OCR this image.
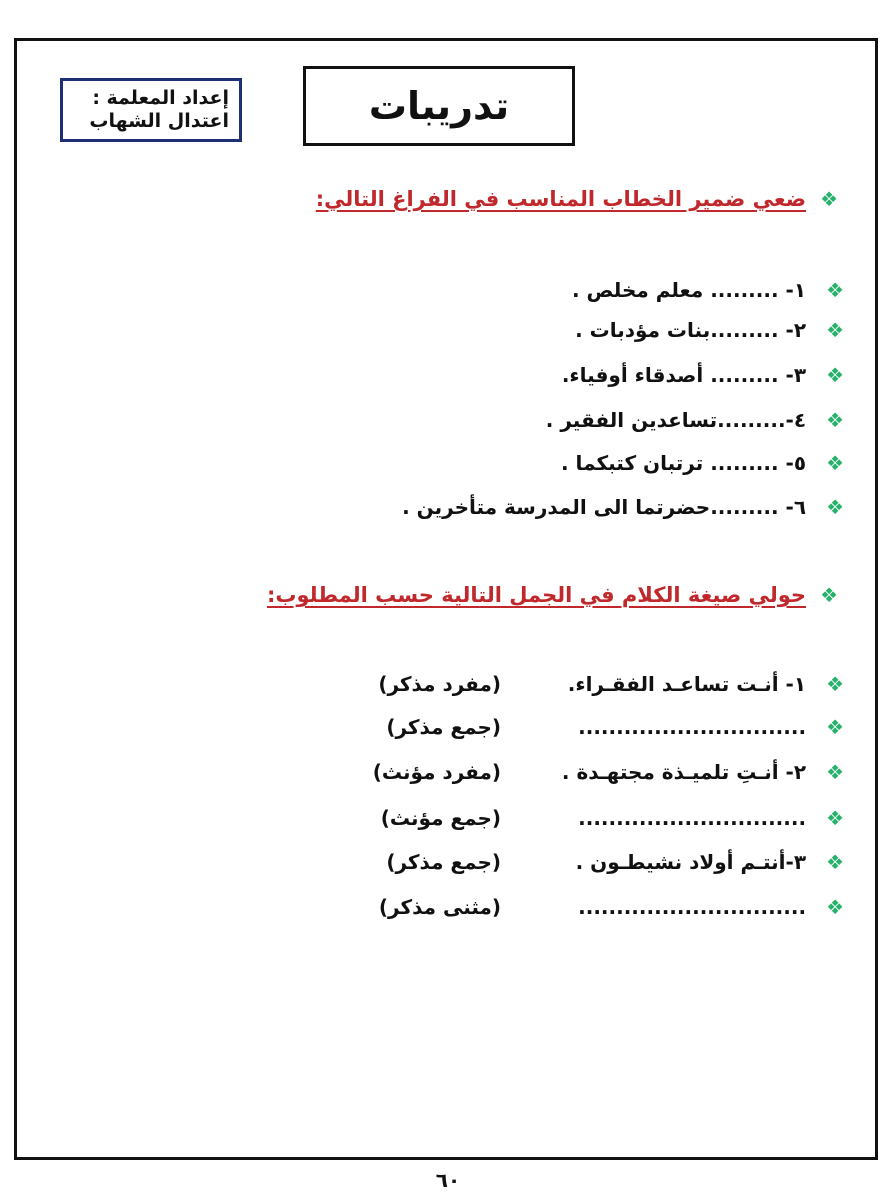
إعداد المعلمة :
اعتدال الشهاب	تدريبات
❖ضعي ضمير الخطاب المناسب في الفراغ التالي:
❖
١- ......... معلم مخلص .
❖
٢- .........بنات مؤدبات .
❖
٣- ......... أصدقاء أوفياء.
❖
٤-.........تساعدين الفقير .
❖
٥- ......... ترتبان كتبكما .
❖
٦- .........حضرتما الى المدرسة متأخرين .
❖حولي صيغة الكلام في الجمل التالية حسب المطلوب:
❖
١- أنـت تساعـد الفقـراء.
(مفرد مذكر)
❖
..............................
(جمع مذكر)
❖
٢- أنـتِ تلميـذة مجتهـدة .
(مفرد مؤنث)
❖
..............................
(جمع مؤنث)
❖
٣-أنتـم أولاد نشيطـون .
(جمع مذكر)
❖
..............................
(مثنى مذكر)
٦٠
